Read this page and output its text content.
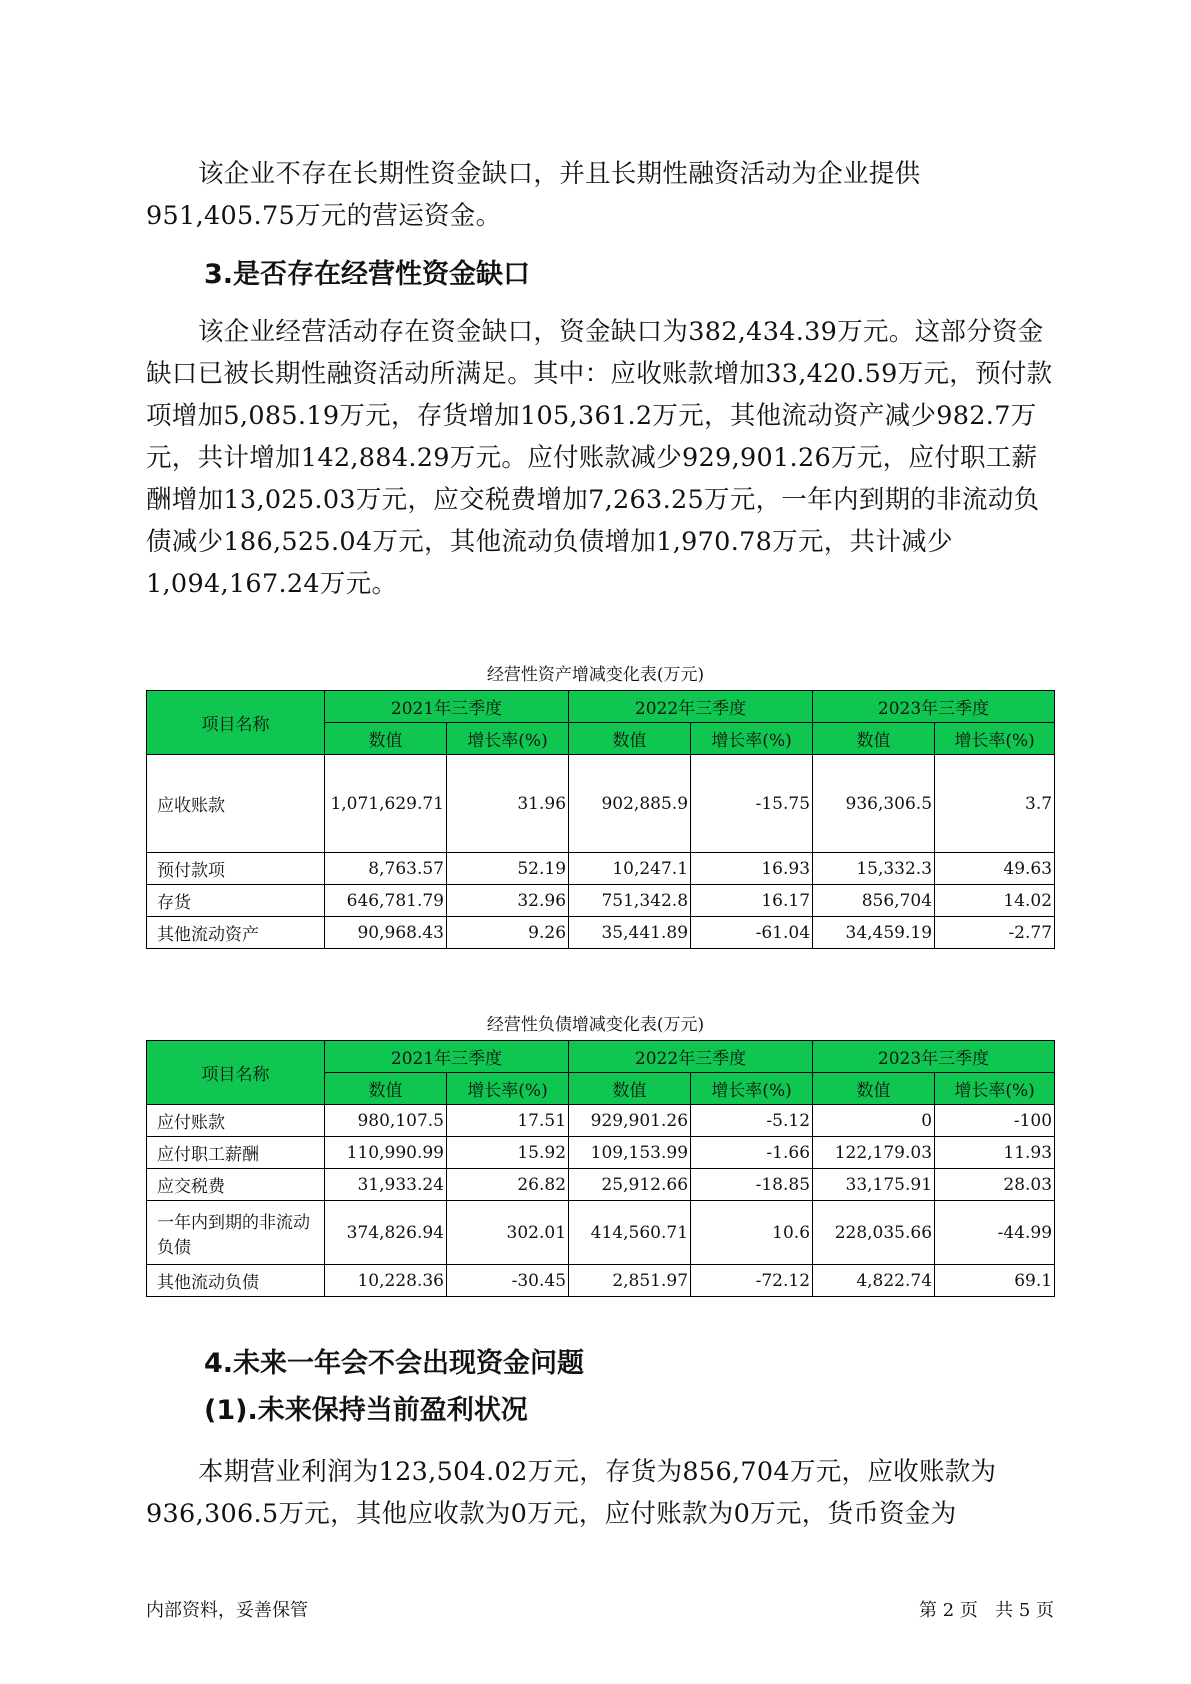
该企业不存在长期性资金缺口，并且长期性融资活动为企业提供951,405.75万元的营运资金。
3.是否存在经营性资金缺口
该企业经营活动存在资金缺口，资金缺口为382,434.39万元。这部分资金缺口已被长期性融资活动所满足。其中：应收账款增加33,420.59万元，预付款项增加5,085.19万元，存货增加105,361.2万元，其他流动资产减少982.7万元，共计增加142,884.29万元。应付账款减少929,901.26万元，应付职工薪酬增加13,025.03万元，应交税费增加7,263.25万元，一年内到期的非流动负债减少186,525.04万元，其他流动负债增加1,970.78万元，共计减少1,094,167.24万元。
经营性资产增减变化表(万元)
项目名称	2021年三季度		2022年三季度		2023年三季度	
	数值	增长率(%)	数值	增长率(%)	数值	增长率(%)
应收账款	1,071,629.71	31.96	902,885.9	-15.75	936,306.5	3.7
预付款项	8,763.57	52.19	10,247.1	16.93	15,332.3	49.63
存货	646,781.79	32.96	751,342.8	16.17	856,704	14.02
其他流动资产	90,968.43	9.26	35,441.89	-61.04	34,459.19	-2.77
经营性负债增减变化表(万元)
项目名称	2021年三季度		2022年三季度		2023年三季度	
	数值	增长率(%)	数值	增长率(%)	数值	增长率(%)
应付账款	980,107.5	17.51	929,901.26	-5.12	0	-100
应付职工薪酬	110,990.99	15.92	109,153.99	-1.66	122,179.03	11.93
应交税费	31,933.24	26.82	25,912.66	-18.85	33,175.91	28.03
一年内到期的非流动负债	374,826.94	302.01	414,560.71	10.6	228,035.66	-44.99
其他流动负债	10,228.36	-30.45	2,851.97	-72.12	4,822.74	69.1
4.未来一年会不会出现资金问题
(1).未来保持当前盈利状况
本期营业利润为123,504.02万元，存货为856,704万元，应收账款为936,306.5万元，其他应收款为0万元，应付账款为0万元，货币资金为
内部资料，妥善保管	第 2 页   共 5 页
